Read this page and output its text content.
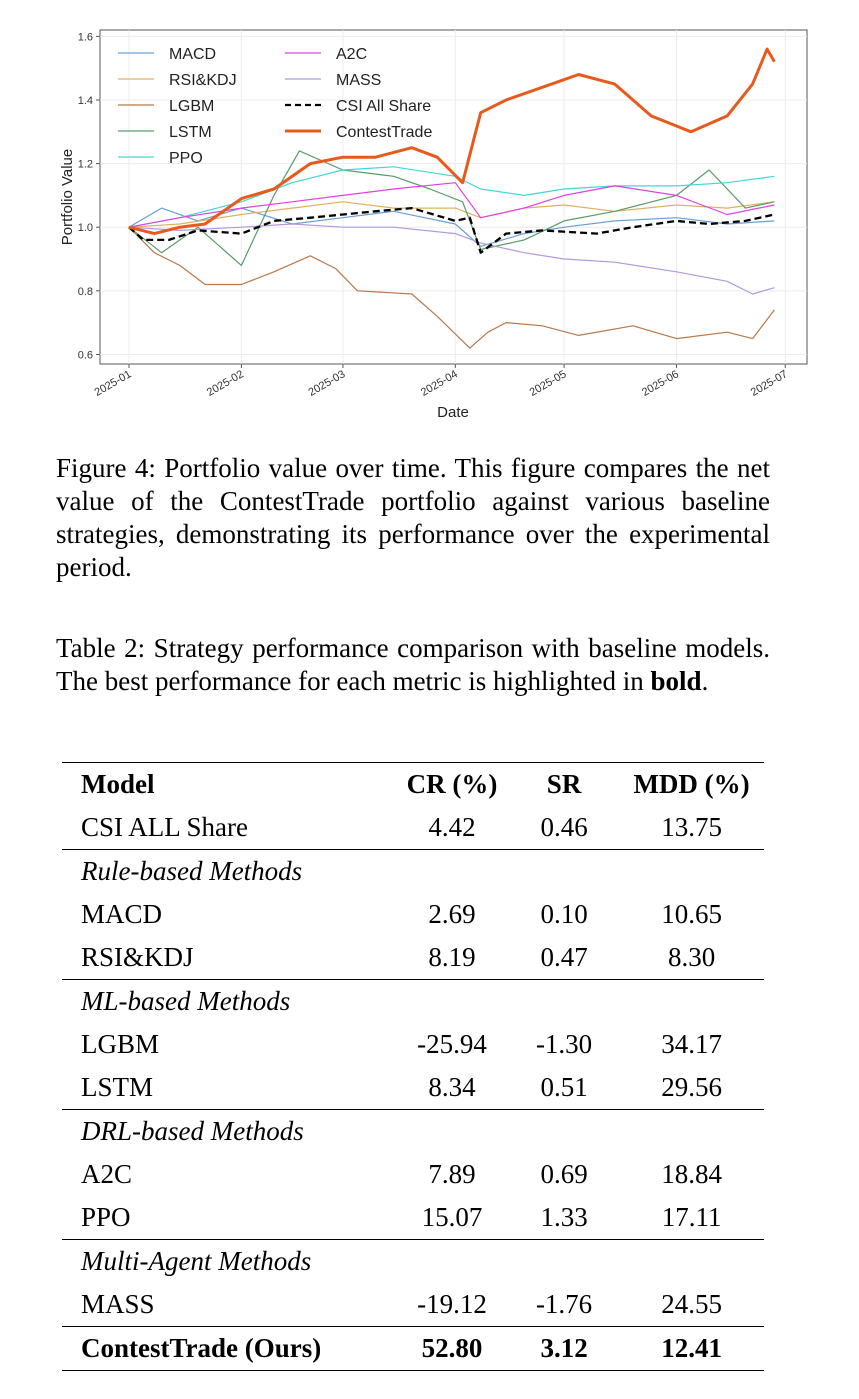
0.6
0.8
1.0
1.2
1.4
1.6
2025-01	2025-02	2025-03	2025-04	2025-05	2025-06	2025-07
MACD
RSI&KDJ
LGBM
LSTM
PPO
A2C
MASS
CSI All Share
ContestTrade
Date
Portfolio Value

Figure 4: Portfolio value over time. This figure compares the net value of the ContestTrade portfolio against various baseline strategies, demonstrating its performance over the experimental period.

Table 2: Strategy performance comparison with baseline models. The best performance for each metric is highlighted in bold.

Model	CR (%)	SR	MDD (%)
CSI ALL Share	4.42	0.46	13.75
Rule-based Methods			
MACD	2.69	0.10	10.65
RSI&KDJ	8.19	0.47	8.30
ML-based Methods			
LGBM	-25.94	-1.30	34.17
LSTM	8.34	0.51	29.56
DRL-based Methods			
A2C	7.89	0.69	18.84
PPO	15.07	1.33	17.11
Multi-Agent Methods			
MASS	-19.12	-1.76	24.55
ContestTrade (Ours)	52.80	3.12	12.41
